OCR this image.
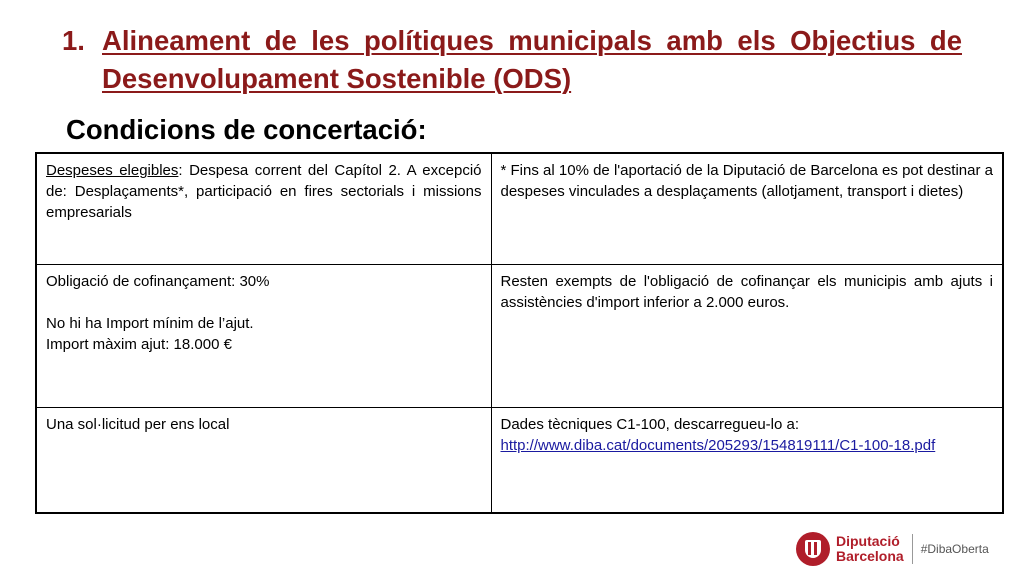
1. Alineament de les polítiques municipals amb els Objectius de Desenvolupament Sostenible (ODS)
Condicions de concertació:
Despeses elegibles: Despesa corrent del Capítol 2. A excepció de: Desplaçaments*, participació en fires sectorials i missions empresarials	* Fins al 10% de l'aportació de la Diputació de Barcelona es pot destinar a despeses vinculades a desplaçaments (allotjament, transport i dietes)

Obligació de cofinançament: 30%
No hi ha Import mínim de l’ajut.
Import màxim ajut: 18.000 €	Resten exempts de l'obligació de cofinançar els municipis amb ajuts i assistències d'import inferior a 2.000 euros.
Una sol·licitud per ens local	Dades tècniques C1-100, descarregueu-lo a:
http://www.diba.cat/documents/205293/154819111/C1-100-18.pdf
Diputació
Barcelona #DibaOberta
